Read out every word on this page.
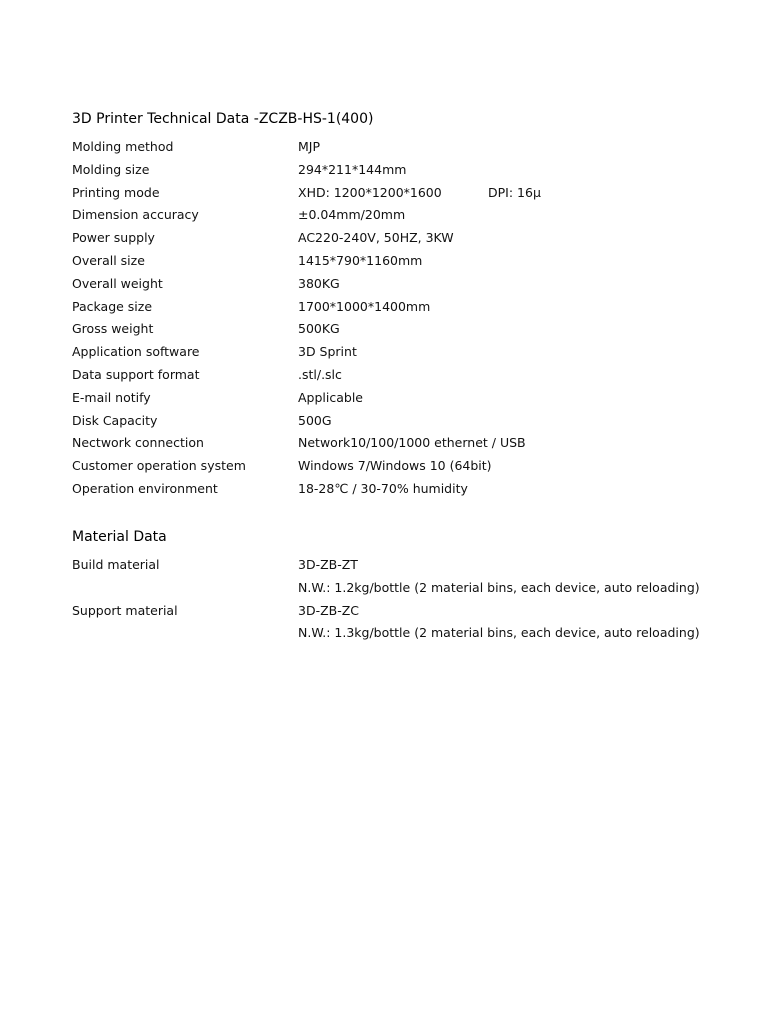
3D Printer Technical Data -ZCZB-HS-1(400)
Molding method	MJP
Molding size	294*211*144mm
Printing mode	XHD: 1200*1200*1600	DPI: 16μ
Dimension accuracy	±0.04mm/20mm
Power supply	AC220-240V, 50HZ, 3KW
Overall size	1415*790*1160mm
Overall weight	380KG
Package size	1700*1000*1400mm
Gross weight	500KG
Application software	3D Sprint
Data support format	.stl/.slc
E-mail notify	Applicable
Disk Capacity	500G
Nectwork connection	Network10/100/1000 ethernet / USB
Customer operation system	Windows 7/Windows 10 (64bit)
Operation environment	18-28℃ / 30-70% humidity
Material Data
Build material	3D-ZB-ZT
N.W.: 1.2kg/bottle (2 material bins, each device, auto reloading)
Support material	3D-ZB-ZC
N.W.: 1.3kg/bottle (2 material bins, each device, auto reloading)
